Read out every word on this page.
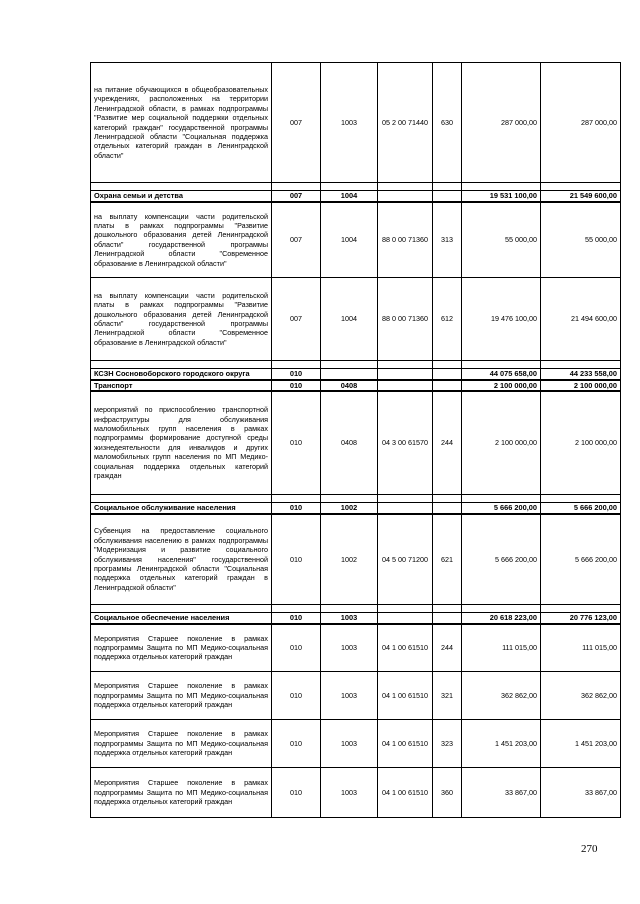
на питание обучающихся в общеобразовательных учреждениях, расположенных на территории Ленинградской области, в рамках подпрограммы "Развитие мер социальной поддержки отдельных категорий граждан" государственной программы Ленинградской области "Социальная поддержка отдельных категорий граждан в Ленинградской области"	007	1003	05 2 00 71440	630	287 000,00	287 000,00

Охрана семьи и детства	007	1004			19 531 100,00	21 549 600,00
на выплату компенсации части родительской платы в рамках подпрограммы "Развитие дошкольного образования детей Ленинградской области" государственной программы Ленинградской области "Современное образование в Ленинградской области"	007	1004	88 0 00 71360	313	55 000,00	55 000,00
на выплату компенсации части родительской платы в рамках подпрограммы "Развитие дошкольного образования детей Ленинградской области" государственной программы Ленинградской области "Современное образование в Ленинградской области"	007	1004	88 0 00 71360	612	19 476 100,00	21 494 600,00

КСЗН Сосновоборского городского округа	010				44 075 658,00	44 233 558,00
Транспорт	010	0408			2 100 000,00	2 100 000,00
мероприятий по приспособлению транспортной инфраструктуры для обслуживания маломобильных групп населения в рамках подпрограммы формирование доступной среды жизнедеятельности для инвалидов и других маломобильных групп населения по МП Медико-социальная поддержка отдельных категорий граждан	010	0408	04 3 00 61570	244	2 100 000,00	2 100 000,00

Социальное обслуживание населения	010	1002			5 666 200,00	5 666 200,00
Субвенция на предоставление социального обслуживания населению в рамках подпрограммы "Модернизация и развитие социального обслуживания населения" государственной программы Ленинградской области "Социальная поддержка отдельных категорий граждан в Ленинградской области"	010	1002	04 5 00 71200	621	5 666 200,00	5 666 200,00

Социальное обеспечение населения	010	1003			20 618 223,00	20 776 123,00
Мероприятия Старшее поколение в рамках подпрограммы Защита по МП Медико-социальная поддержка отдельных категорий граждан	010	1003	04 1 00 61510	244	111 015,00	111 015,00
Мероприятия Старшее поколение в рамках подпрограммы Защита по МП Медико-социальная поддержка отдельных категорий граждан	010	1003	04 1 00 61510	321	362 862,00	362 862,00
Мероприятия Старшее поколение в рамках подпрограммы Защита по МП Медико-социальная поддержка отдельных категорий граждан	010	1003	04 1 00 61510	323	1 451 203,00	1 451 203,00
Мероприятия Старшее поколение в рамках подпрограммы Защита по МП Медико-социальная поддержка отдельных категорий граждан	010	1003	04 1 00 61510	360	33 867,00	33 867,00
270
